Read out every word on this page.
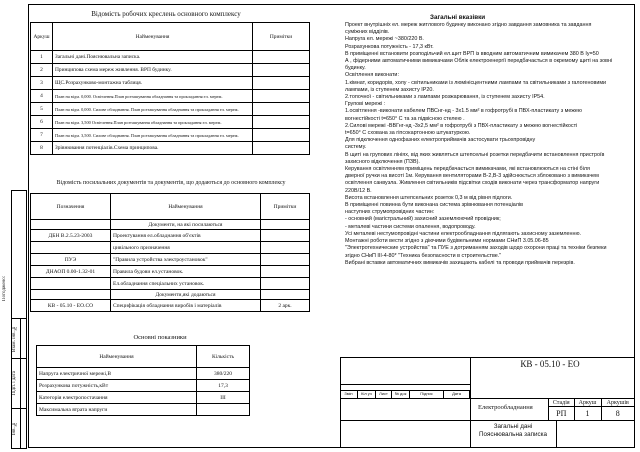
Погоджено:
Взам. інв. №	

Підп. і дата	

Інв. №	

Відомість робочих креслень основного комплексу
Аркуш	Найменування	Примітки
1	Загальні дані.Пояснювальна записка.	
2	Принципова схема мереж живлення. ВРП будинку.	
3	ЩС.Розрахунково-монтажна таблиця.	
4	План на відм. 0,000. Освітлення.План розташування обладнання та прокладання ел. мереж.	
5	План на відм. 0,000. Силове обладнання. План розташування обладнання та прокладання ел. мереж.	
6	План на відм. 3,500 Освітлення.План розташування обладнання та прокладання ел. мереж.	
7	План на відм. 3,500. Силове обладнання. План розташування обладнання та прокладання ел. мереж.	
8	Зрівнювання потенціалів.Схема принципова.	
Відомість посилальних документів та документів, що додаються до основного комплексу
Позначення	Найменування	Примітки
	Документи, на які посилаються	
ДБН В.2.5.23-2003	Проектування ел.обладнання об'єктів	
	цивільного призначення	
ПУЭ	"Правила устройства электроустановок"	
ДНАОП 0.00-1.32-01	Правила будови ел.установок.	
	Ел.обладнання спеціальних установок.	
	Документи,які додаються	
КВ - 05.10 - ЕО.СО	Специфікація обладнання виробів і матеріалів	2 арк.
Основні показники
Найменування	Кількість
Напруга електричної мережі,В	380/220
Розрахункова потужність,кВт	17,3
Категорія електропостачання	ІІІ
Максимальна втрата напруги	
Загальні вказівки

Проект внутрішніх ел. мереж житлового будинку виконано згідно завдання замовника та завдання

суміжних відділів.

Напруга ел. мережі ~380/220 В.

Розрахункова потужність - 17,3 кВт.

В приміщенні встановити розподільчий ел.щит ВРП із вводним автоматичним вимикачем 380 В Iу=50

А , фідерними автоматичними вимикачами Облік електроенергії передбачається в окремому щиті на зовні

будинку.

Освітлення виконати:

1.кімнат, коридорів, холу - світильниками із люмінісцентними лампами та світильниками з галогеновими

лампами, із ступенем захисту ІР20.

2.топочної - світильниками з лампами розжарювання, із ступенем захисту ІР54.

Групові мережі :

1.освітлення -виконати кабелем ПВСнг-нд - 3х1.5 мм² в гофротрубі в ПВХ-пластикату з межею

вогнестійкості t=650° С та за підвісною стелею .

2.Силові мережі -ВВГнг-нд -3х2,5 мм² в гофротрубі з ПВХ-пластикату з межею вогнестійкості

t=650° С схована за гіпсокартонною штукатуркою.

Для підключення однофазних електроприймачів застосувати трьохпровідну

систему.

В щиті на групових лініях, від яких живляться штепсельні розетки передбачити встановлення пристроїв

захисного відключення (ПЗВ).

Керування освітленням приміщень передбачається вимикачами, які встановлюються на стіні біля

дверної ручки на висоті 1м. Керування вентиляторами В-2,В-3 здійснюється зблоковано з вимикачем

освітлення санвузла. Живлення світильників підсвітки сходів виконати через трансформатор напруги

220В/12 В.

Висота встановлення штепсельних розеток 0,3 м від рівня підлоги.

В приміщенні повинна бути виконана система зрівнювання потенціалів

наступних струмопровідних частин:

- основний (магістральний) захисний заземлюючий провідник;

- металеві частини системи опалення, водопроводу.

Усі металеві нестумопровідні частини електрообладнання підлягають захисному заземленню.

Монтажні роботи вести згідно з діючими будівельними нормами СНиП 3.05.06-85

"Электротехнические устройства" та ПУЕ з дотриманням заходів щодо охорони праці та техніки безпеки

згідно СНиП ІІІ-4-80* "Техника безопасности в строительстве."

Вибрані вставки автоматичних вимикачів захищають кабелі та проводи приймачів перезрів.

КВ - 05.10 - ЕО
Змін	Кіл уч	Лист	№ док	Підпис	Дата
Електрообладнання
Стадія	Аркуш	Аркушів
РП	1	8
Загальні дані
Пояснювальна записка
